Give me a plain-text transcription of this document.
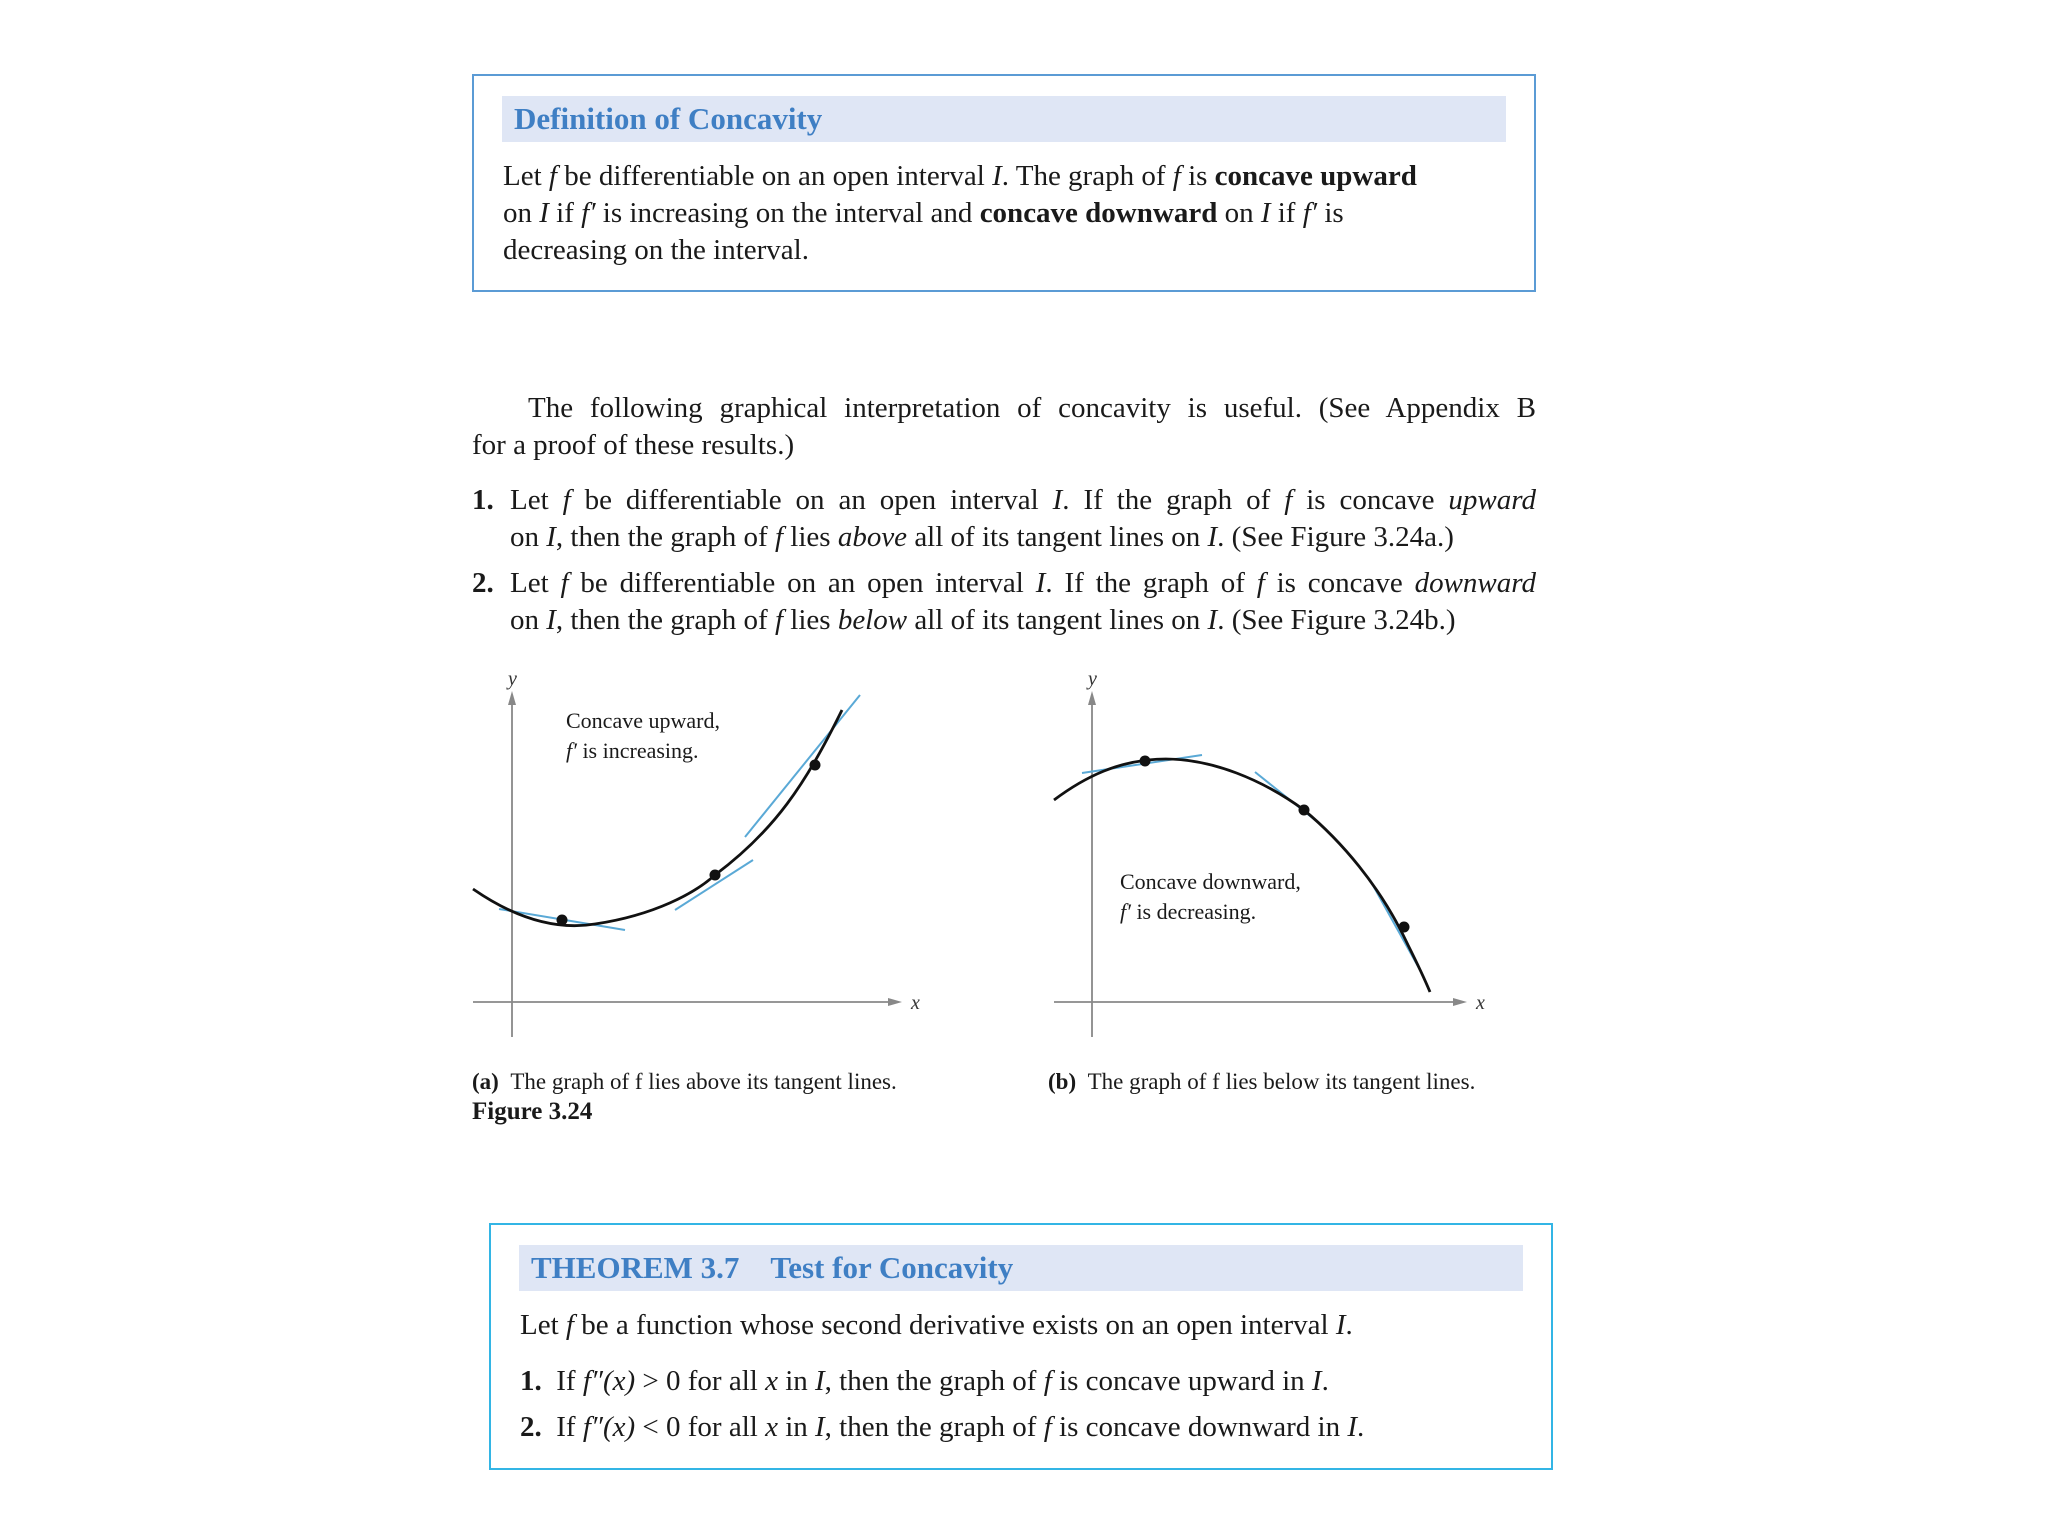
Definition of Concavity
Let f be differentiable on an open interval I. The graph of f is concave upward
on I if f′ is increasing on the interval and concave downward on I if f′ is
decreasing on the interval.
The following graphical interpretation of concavity is useful. (See Appendix B
for a proof of these results.)
1. Let f be differentiable on an open interval I. If the graph of f is concave upward
on I, then the graph of f lies above all of its tangent lines on I. (See Figure 3.24a.)
2. Let f be differentiable on an open interval I. If the graph of f is concave downward
on I, then the graph of f lies below all of its tangent lines on I. (See Figure 3.24b.)
y
x
Concave upward,
f′ is increasing.
y
x
Concave downward,
f′ is decreasing.
(a) The graph of f lies above its tangent lines.	(b) The graph of f lies below its tangent lines.
Figure 3.24
THEOREM 3.7 Test for Concavity
Let f be a function whose second derivative exists on an open interval I.
1. If f″(x) > 0 for all x in I, then the graph of f is concave upward in I.
2. If f″(x) < 0 for all x in I, then the graph of f is concave downward in I.
